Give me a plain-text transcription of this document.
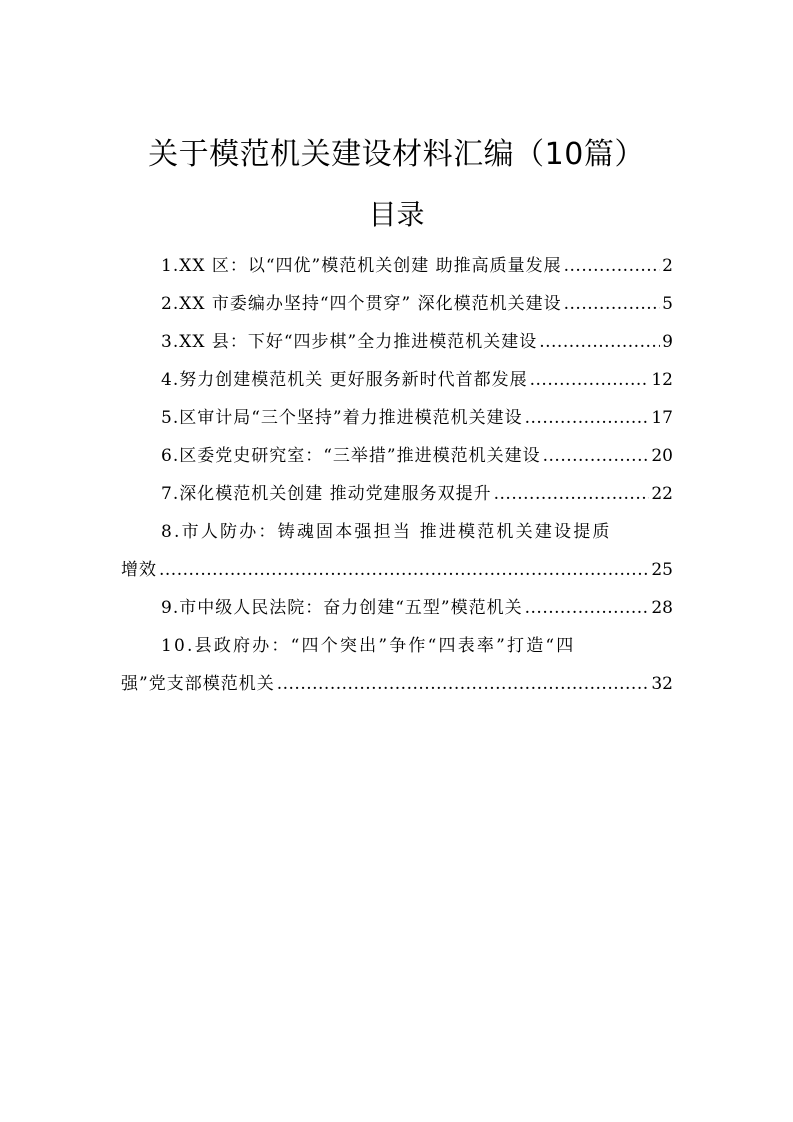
关于模范机关建设材料汇编（10篇）
目录
1.XX 区：以“四优”模范机关创建 助推高质量发展 .....	2
2.XX 市委编办坚持“四个贯穿” 深化模范机关建设 .....	5
3.XX 县：下好“四步棋”全力推进模范机关建设 .....	9
4.努力创建模范机关 更好服务新时代首都发展 .....	12
5.区审计局“三个坚持”着力推进模范机关建设 .....	17
6.区委党史研究室：“三举措”推进模范机关建设 .....	20
7.深化模范机关创建 推动党建服务双提升 .....	22
8.市人防办：铸魂固本强担当 推进模范机关建设提质
增效 .....	25
9.市中级人民法院：奋力创建“五型”模范机关 .....	28
10.县政府办：“四个突出”争作“四表率”打造“四
强”党支部模范机关 .....	32
